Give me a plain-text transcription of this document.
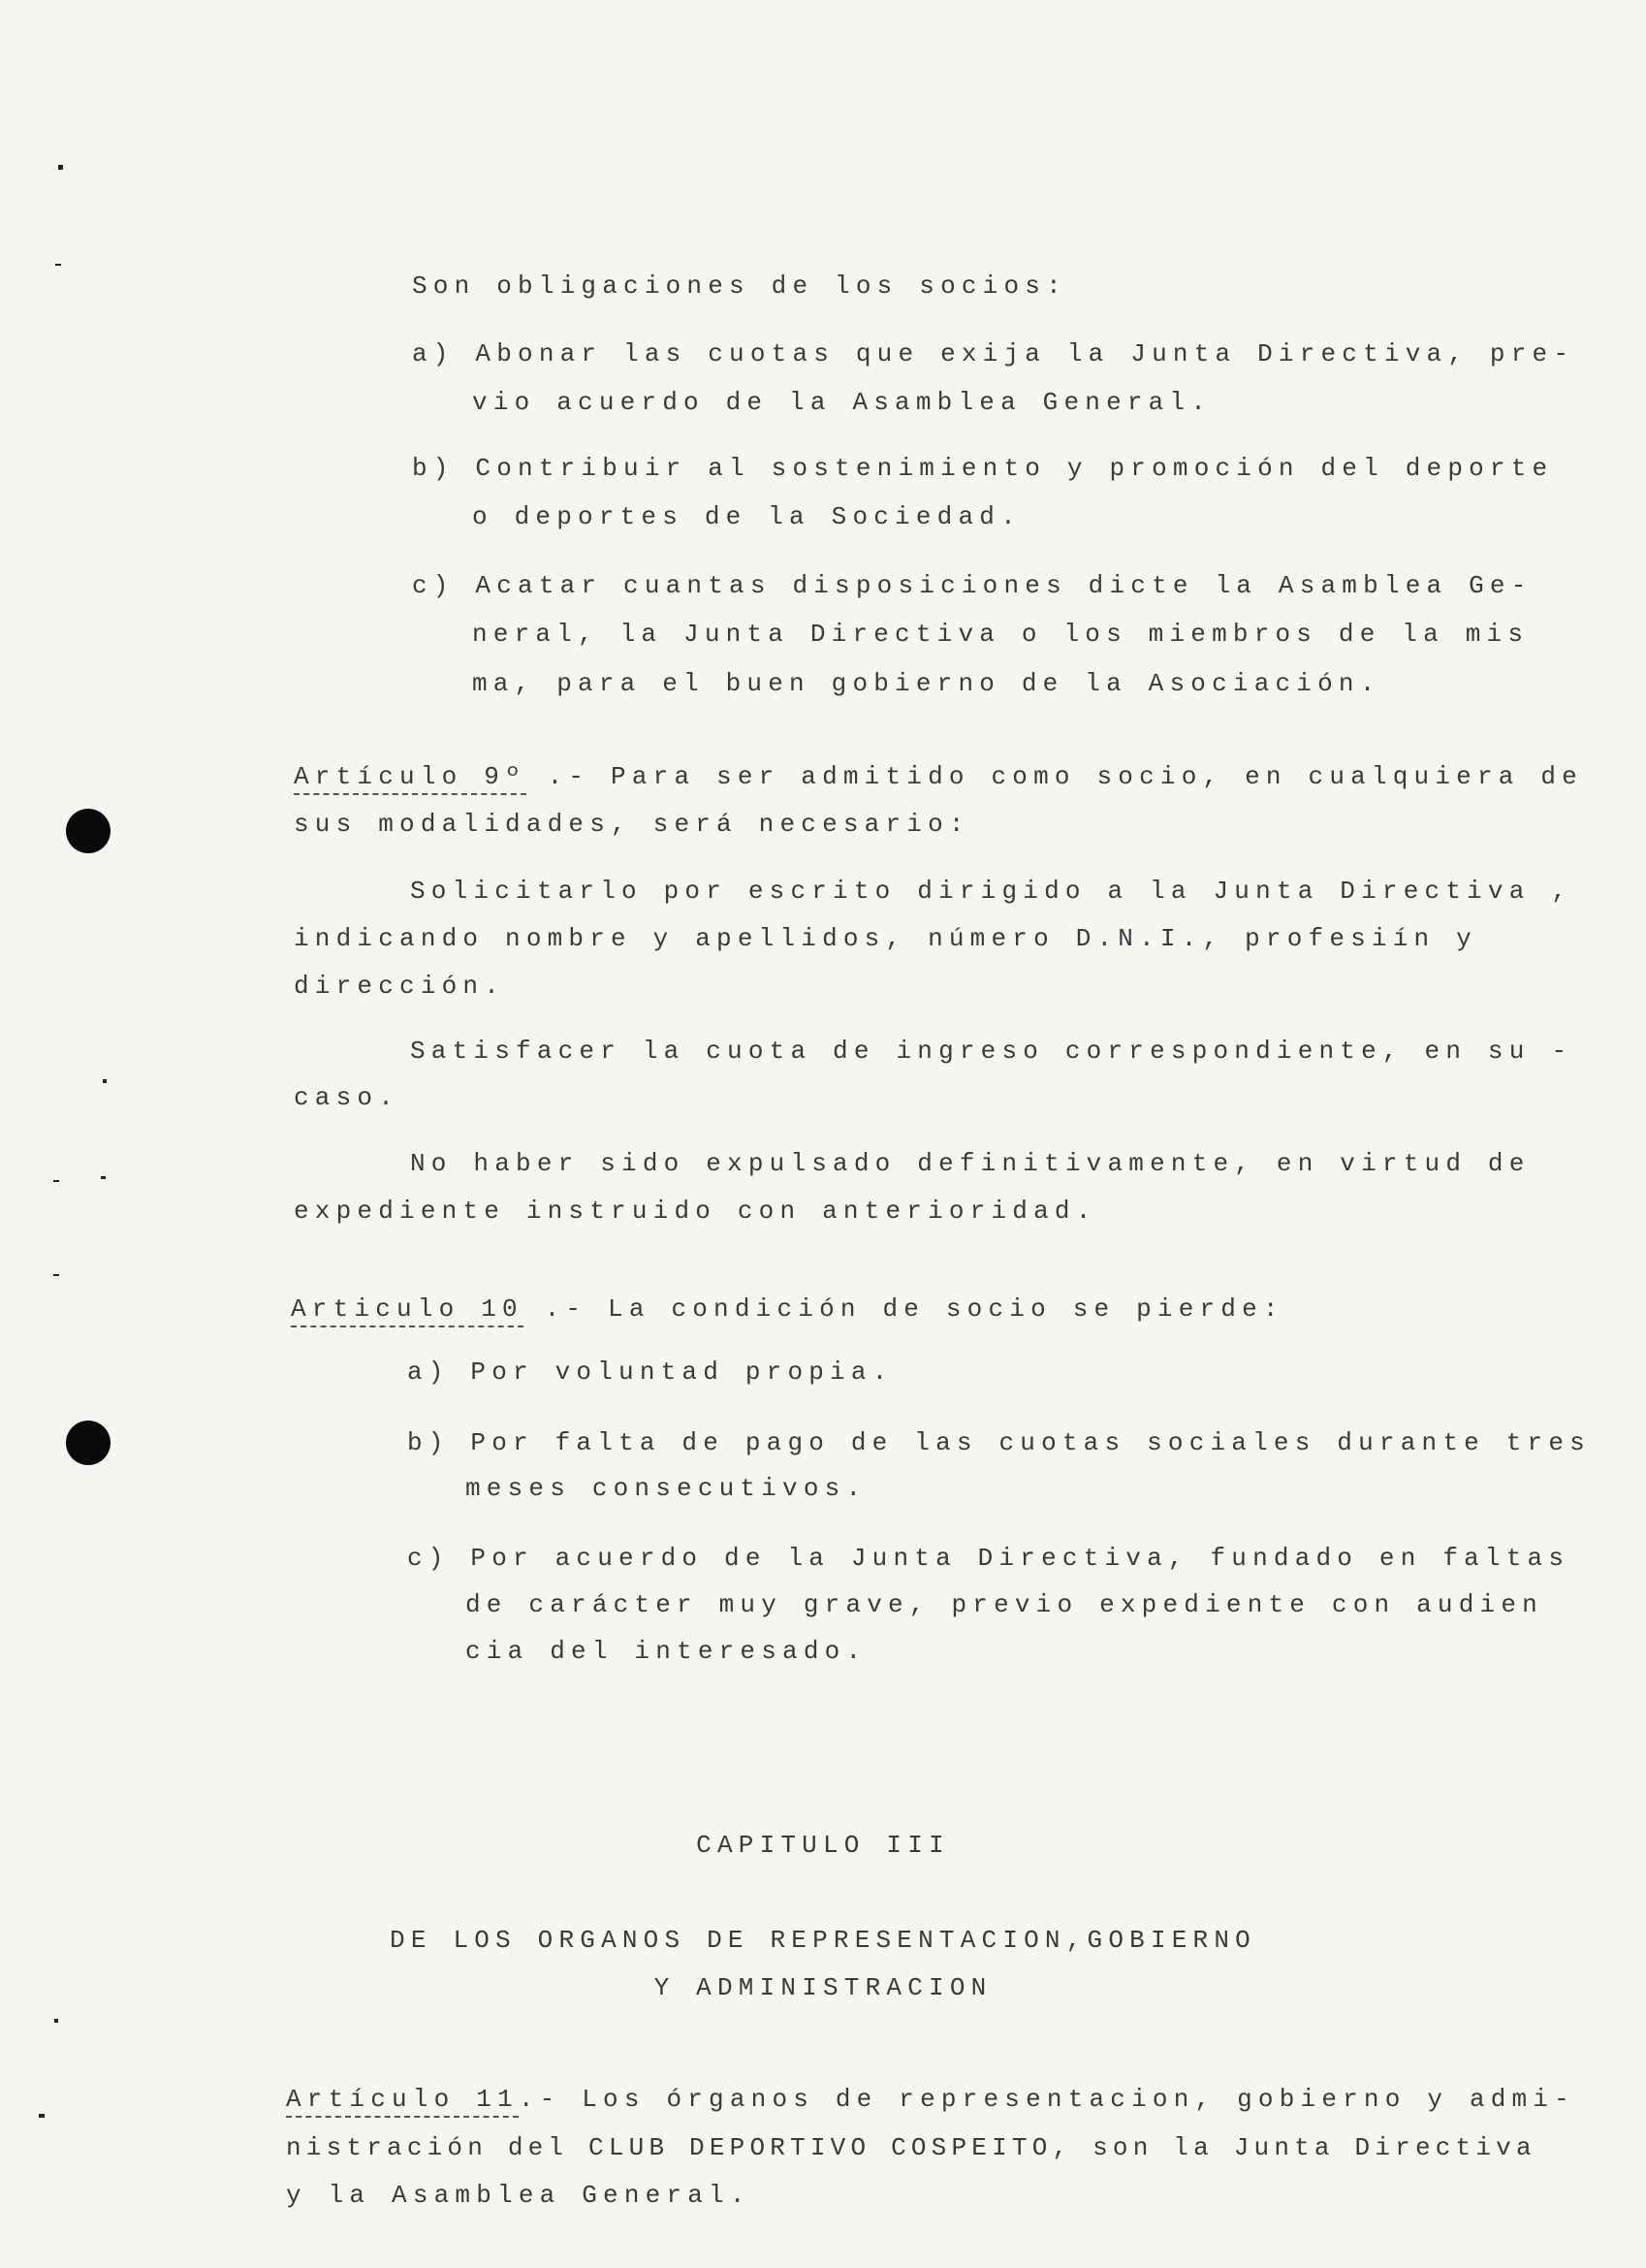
Son obligaciones de los socios:
a) Abonar las cuotas que exija la Junta Directiva, pre-
vio acuerdo de la Asamblea General.
b) Contribuir al sostenimiento y promoción del deporte
o deportes de la Sociedad.
c) Acatar cuantas disposiciones dicte la Asamblea Ge-
neral, la Junta Directiva o los miembros de la mis
ma, para el buen gobierno de la Asociación.
Artículo 9º .- Para ser admitido como socio, en cualquiera de
sus modalidades, será necesario:
Solicitarlo por escrito dirigido a la Junta Directiva ,
indicando nombre y apellidos, número D.N.I., profesiín y
dirección.
Satisfacer la cuota de ingreso correspondiente, en su -
caso.
No haber sido expulsado definitivamente, en virtud de
expediente instruido con anterioridad.
Articulo 10 .- La condición de socio se pierde:
a) Por voluntad propia.
b) Por falta de pago de las cuotas sociales durante tres
meses consecutivos.
c) Por acuerdo de la Junta Directiva, fundado en faltas
de carácter muy grave, previo expediente con audien
cia del interesado.
CAPITULO III
DE LOS ORGANOS DE REPRESENTACION,GOBIERNO
Y ADMINISTRACION
Artículo 11.- Los órganos de representacion, gobierno y admi-
nistración del CLUB DEPORTIVO COSPEITO, son la Junta Directiva
y la Asamblea General.
